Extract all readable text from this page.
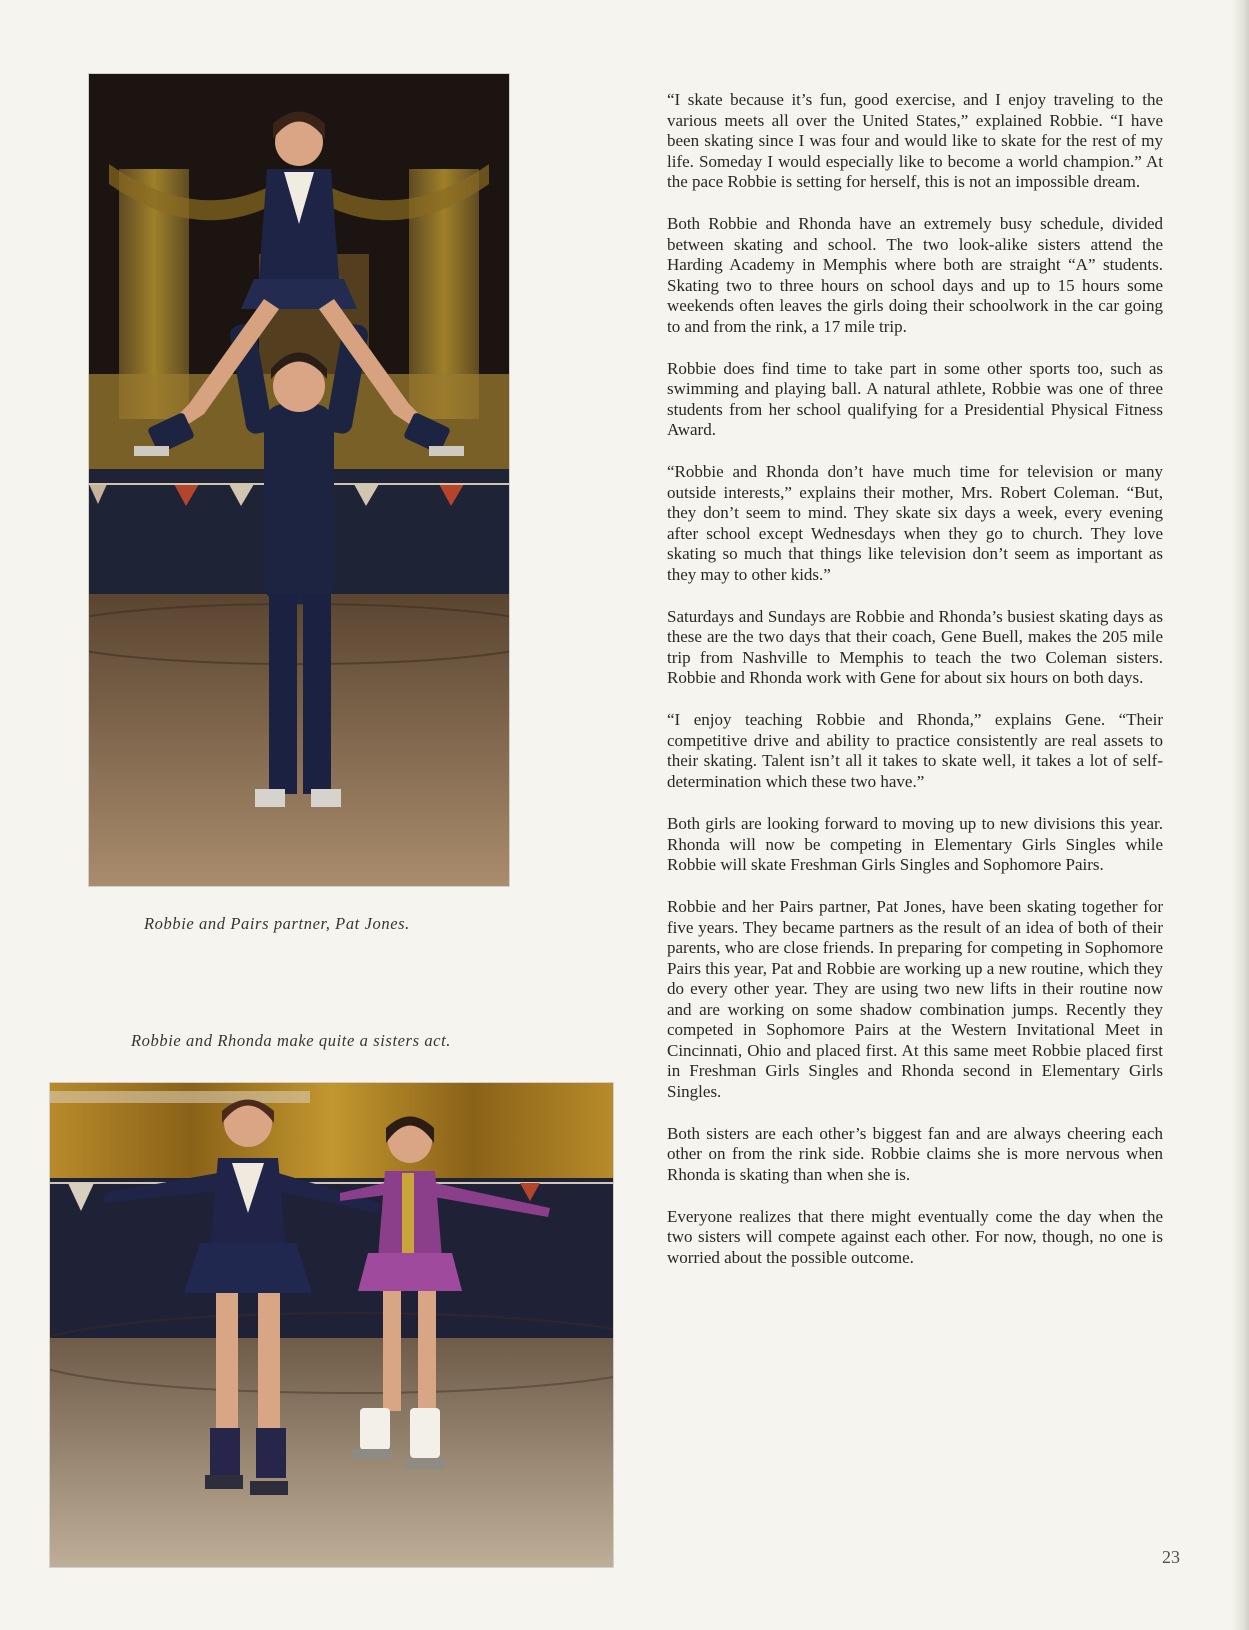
Robbie and Pairs partner, Pat Jones.
Robbie and Rhonda make quite a sisters act.

“I skate because it’s fun, good exercise, and I enjoy traveling to the various meets all over the United States,” explained Robbie. “I have been skating since I was four and would like to skate for the rest of my life. Someday I would especially like to become a world champion.” At the pace Robbie is setting for herself, this is not an impossible dream.

Both Robbie and Rhonda have an extremely busy schedule, divided between skating and school. The two look-alike sisters attend the Harding Academy in Memphis where both are straight “A” students. Skating two to three hours on school days and up to 15 hours some weekends often leaves the girls doing their schoolwork in the car going to and from the rink, a 17 mile trip.

Robbie does find time to take part in some other sports too, such as swimming and playing ball. A natural athlete, Robbie was one of three students from her school qualifying for a Presidential Physical Fitness Award.

“Robbie and Rhonda don’t have much time for television or many outside interests,” explains their mother, Mrs. Robert Coleman. “But, they don’t seem to mind. They skate six days a week, every evening after school except Wednesdays when they go to church. They love skating so much that things like television don’t seem as important as they may to other kids.”

Saturdays and Sundays are Robbie and Rhonda’s busiest skating days as these are the two days that their coach, Gene Buell, makes the 205 mile trip from Nashville to Memphis to teach the two Coleman sisters. Robbie and Rhonda work with Gene for about six hours on both days.

“I enjoy teaching Robbie and Rhonda,” explains Gene. “Their competitive drive and ability to practice consistently are real assets to their skating. Talent isn’t all it takes to skate well, it takes a lot of self-determination which these two have.”

Both girls are looking forward to moving up to new divisions this year. Rhonda will now be competing in Elementary Girls Singles while Robbie will skate Freshman Girls Singles and Sophomore Pairs.

Robbie and her Pairs partner, Pat Jones, have been skating together for five years. They became partners as the result of an idea of both of their parents, who are close friends. In preparing for competing in Sophomore Pairs this year, Pat and Robbie are working up a new routine, which they do every other year. They are using two new lifts in their routine now and are working on some shadow combination jumps. Recently they competed in Sophomore Pairs at the Western Invitational Meet in Cincinnati, Ohio and placed first. At this same meet Robbie placed first in Freshman Girls Singles and Rhonda second in Elementary Girls Singles.

Both sisters are each other’s biggest fan and are always cheering each other on from the rink side. Robbie claims she is more nervous when Rhonda is skating than when she is.

Everyone realizes that there might eventually come the day when the two sisters will compete against each other. For now, though, no one is worried about the possible outcome.

23
